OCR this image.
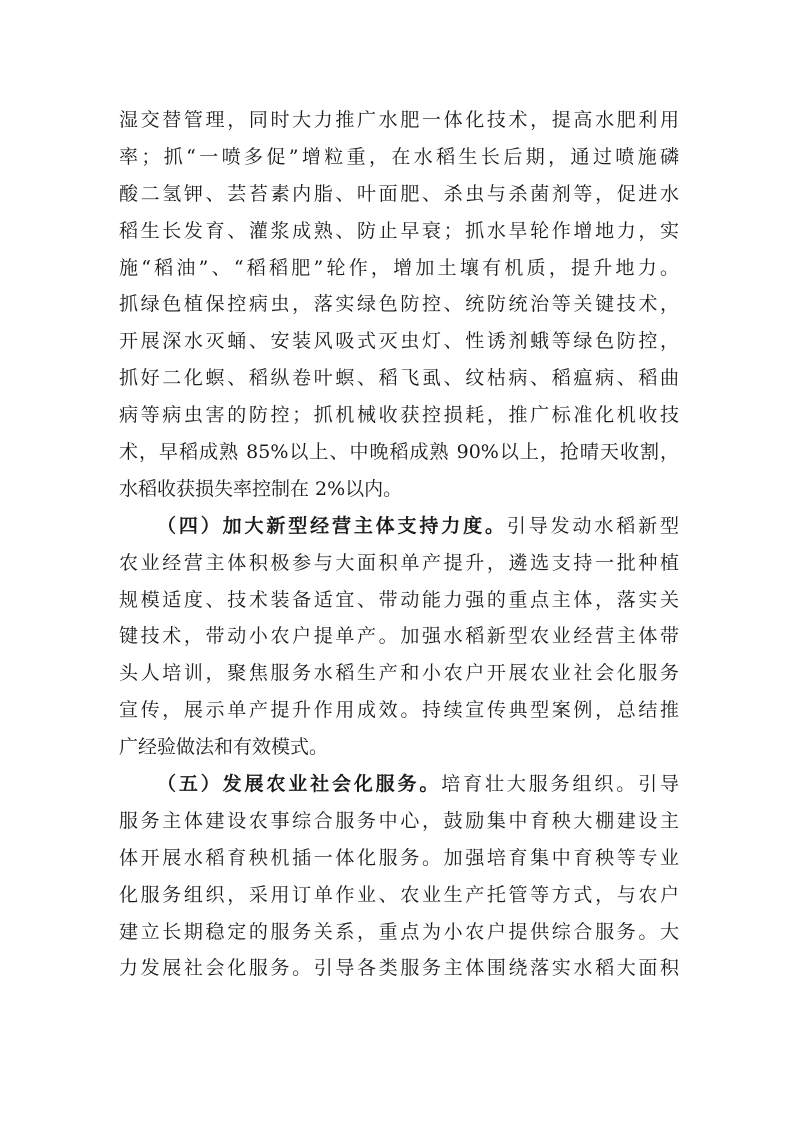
湿交替管理，同时大力推广水肥一体化技术，提高水肥利用
率；抓“一喷多促”增粒重，在水稻生长后期，通过喷施磷
酸二氢钾、芸苔素内脂、叶面肥、杀虫与杀菌剂等，促进水
稻生长发育、灌浆成熟、防止早衰；抓水旱轮作增地力，实
施“稻油”、“稻稻肥”轮作，增加土壤有机质，提升地力。
抓绿色植保控病虫，落实绿色防控、统防统治等关键技术，
开展深水灭蛹、安装风吸式灭虫灯、性诱剂蛾等绿色防控，
抓好二化螟、稻纵卷叶螟、稻飞虱、纹枯病、稻瘟病、稻曲
病等病虫害的防控；抓机械收获控损耗，推广标准化机收技
术，早稻成熟 85%以上、中晚稻成熟 90%以上，抢晴天收割，
水稻收获损失率控制在 2%以内。
（四）加大新型经营主体支持力度。引导发动水稻新型
农业经营主体积极参与大面积单产提升，遴选支持一批种植
规模适度、技术装备适宜、带动能力强的重点主体，落实关
键技术，带动小农户提单产。加强水稻新型农业经营主体带
头人培训，聚焦服务水稻生产和小农户开展农业社会化服务
宣传，展示单产提升作用成效。持续宣传典型案例，总结推
广经验做法和有效模式。
（五）发展农业社会化服务。培育壮大服务组织。引导
服务主体建设农事综合服务中心，鼓励集中育秧大棚建设主
体开展水稻育秧机插一体化服务。加强培育集中育秧等专业
化服务组织，采用订单作业、农业生产托管等方式，与农户
建立长期稳定的服务关系，重点为小农户提供综合服务。大
力发展社会化服务。引导各类服务主体围绕落实水稻大面积
